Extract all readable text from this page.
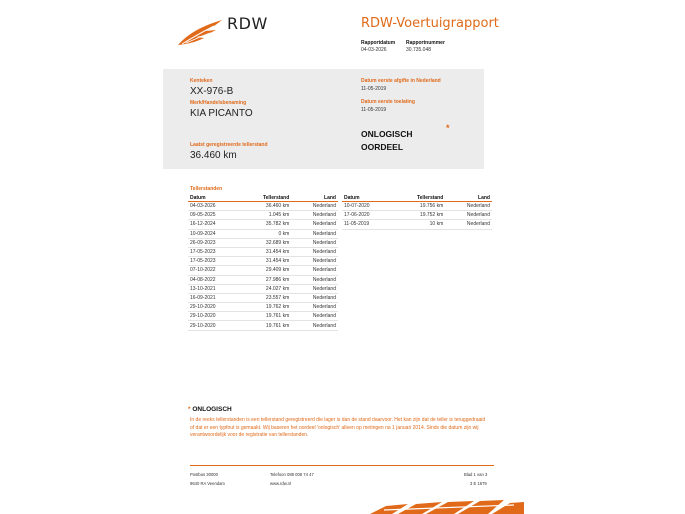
RDW	RDW-Voertuigrapport
Rapportdatum
04-03-2026
Rapportnummer
30.735.048
Kenteken
XX-976-B
Merk/Handelsbenaming
KIA PICANTO
Laatst geregistreerde tellerstand
36.460 km
Datum eerste afgifte in Nederland
11-05-2019
Datum eerste toelating
11-05-2019
ONLOGISCH OORDEEL
*
Tellerstanden
Datum	Tellerstand	Land
04-03-2026	36.460 km	Nederland
09-05-2025	1.045 km	Nederland
16-12-2024	35.782 km	Nederland
10-09-2024	0 km	Nederland
26-09-2023	32.689 km	Nederland
17-05-2023	31.454 km	Nederland
17-05-2023	31.454 km	Nederland
07-10-2022	29.409 km	Nederland
04-08-2022	27.986 km	Nederland
13-10-2021	24.027 km	Nederland
16-09-2021	23.557 km	Nederland
29-10-2020	19.762 km	Nederland
29-10-2020	19.761 km	Nederland
29-10-2020	19.761 km	Nederland
Datum	Tellerstand	Land
10-07-2020	19.756 km	Nederland
17-06-2020	19.752 km	Nederland
11-05-2019	10 km	Nederland
* ONLOGISCH
In de reeks tellerstanden is een tellerstand geregistreerd die lager is dan de stand daarvoor. Het kan zijn dat de teller is teruggedraaid of dat er een typfout is gemaakt. Wij baseren het oordeel 'onlogisch' alleen op metingen na 1 januari 2014. Sinds die datum zijn wij verantwoordelijk voor de registratie van tellerstanden.
Postbus 30000
9640 RA Veendam
Telefoon 088 008 74 47
www.rdw.nl
Blad 1 van 3
3 E 1679
